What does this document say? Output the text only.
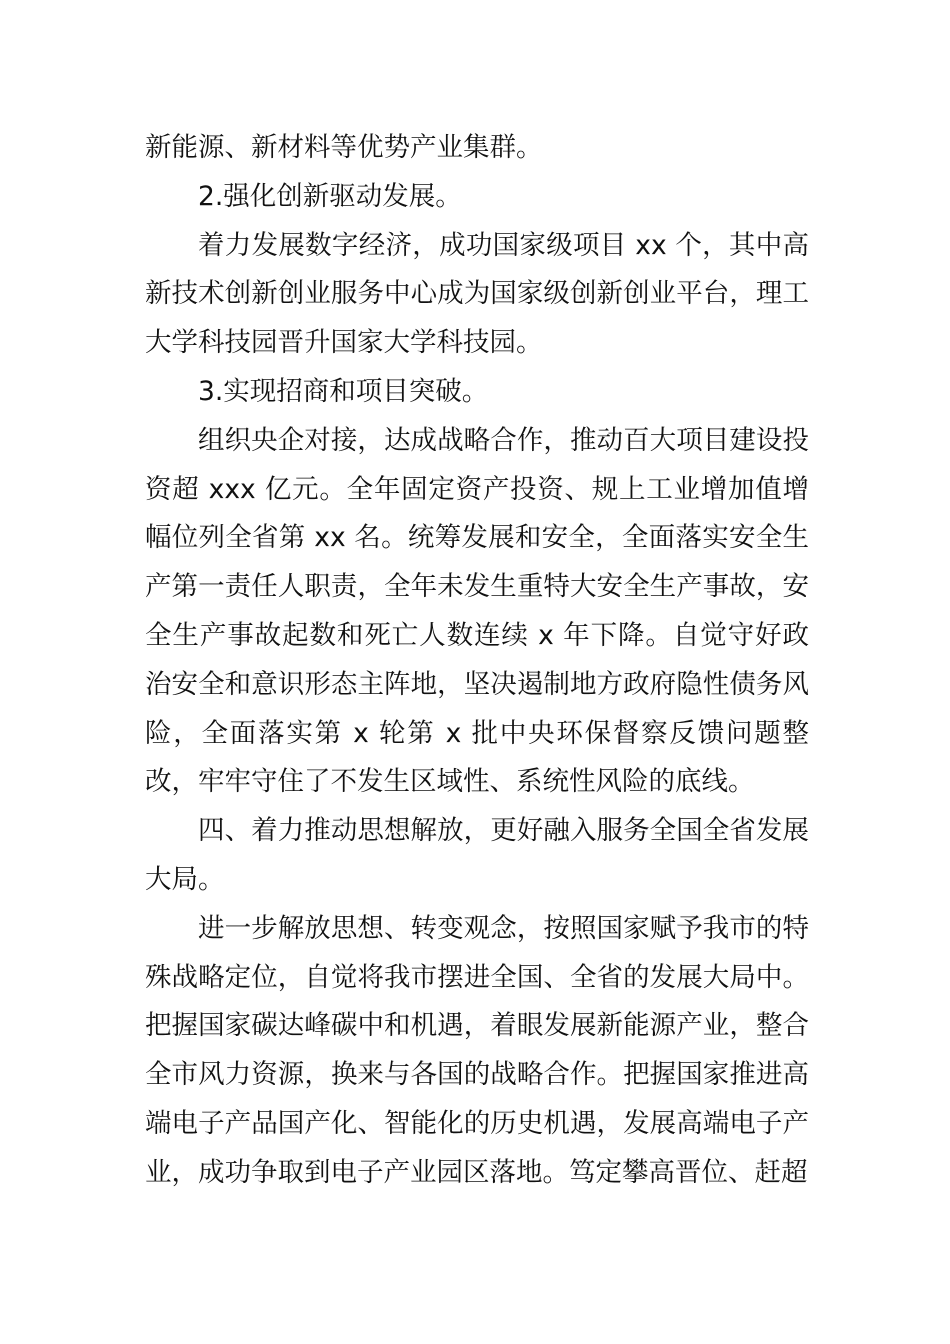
新能源、新材料等优势产业集群。

2.强化创新驱动发展。

着力发展数字经济，成功国家级项目 xx 个，其中高新技术创新创业服务中心成为国家级创新创业平台，理工大学科技园晋升国家大学科技园。

3.实现招商和项目突破。

组织央企对接，达成战略合作，推动百大项目建设投资超 xxx 亿元。全年固定资产投资、规上工业增加值增幅位列全省第 xx 名。统筹发展和安全，全面落实安全生产第一责任人职责，全年未发生重特大安全生产事故，安全生产事故起数和死亡人数连续 x 年下降。自觉守好政治安全和意识形态主阵地，坚决遏制地方政府隐性债务风险，全面落实第 x 轮第 x 批中央环保督察反馈问题整改，牢牢守住了不发生区域性、系统性风险的底线。

四、着力推动思想解放，更好融入服务全国全省发展大局。

进一步解放思想、转变观念，按照国家赋予我市的特殊战略定位，自觉将我市摆进全国、全省的发展大局中。把握国家碳达峰碳中和机遇，着眼发展新能源产业，整合全市风力资源，换来与各国的战略合作。把握国家推进高端电子产品国产化、智能化的历史机遇，发展高端电子产业，成功争取到电子产业园区落地。笃定攀高晋位、赶超
